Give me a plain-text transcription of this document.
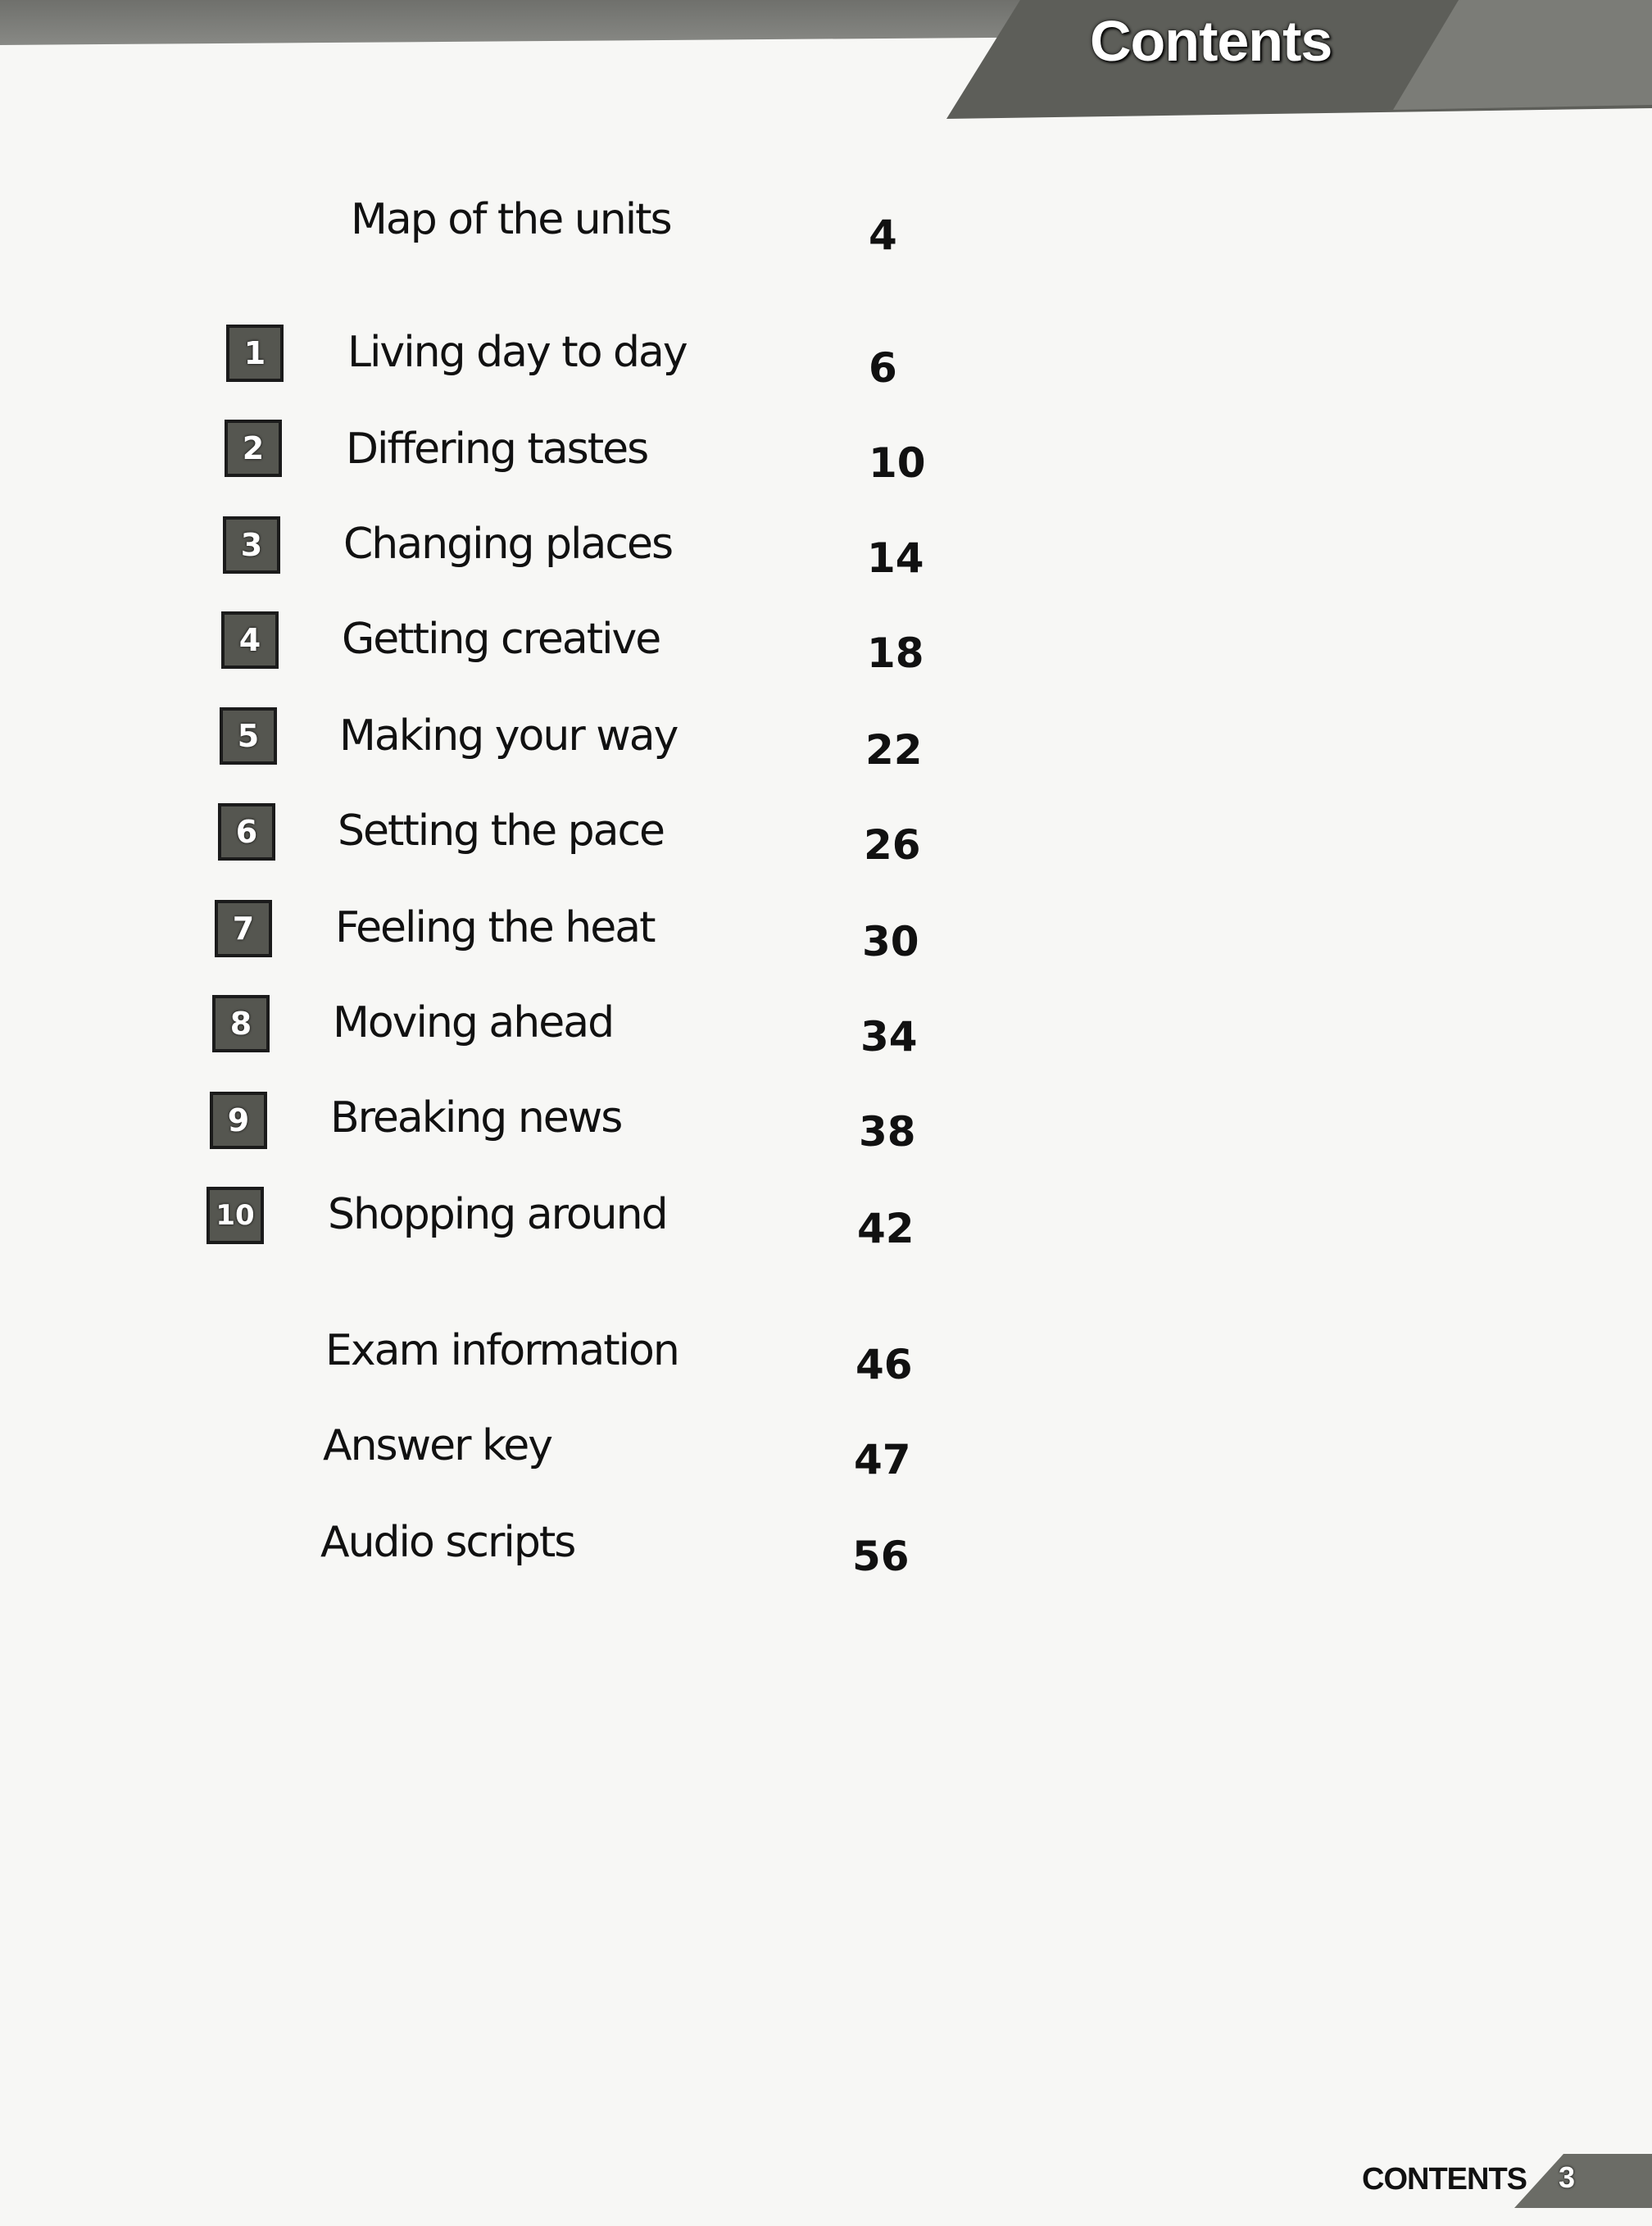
Contents
Map of the units	4
1	Living day to day	6
2	Differing tastes	10
3	Changing places	14
4	Getting creative	18
5	Making your way	22
6	Setting the pace	26
7	Feeling the heat	30
8	Moving ahead	34
9	Breaking news	38
10 Shopping around	42
Exam information	46
Answer key	47
Audio scripts	56
CONTENTS 3
